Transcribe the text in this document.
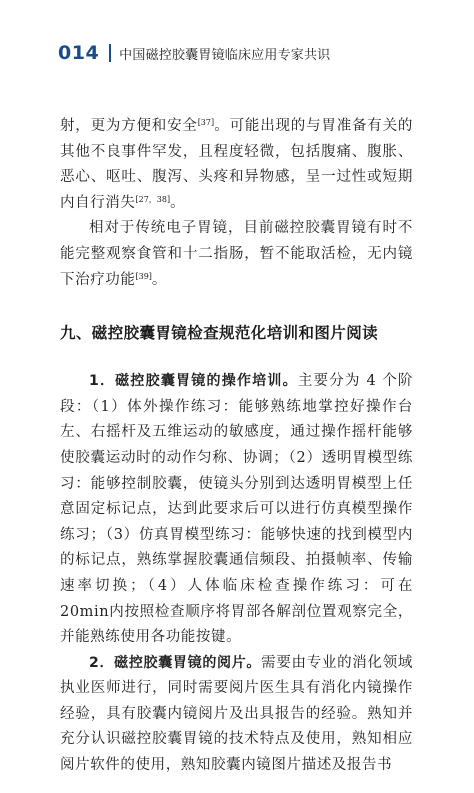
014 中国磁控胶囊胃镜临床应用专家共识

射，更为方便和安全[37]。可能出现的与胃准备有关的其他不良事件罕发，且程度轻微，包括腹痛、腹胀、恶心、呕吐、腹泻、头疼和异物感，呈一过性或短期内自行消失[27，38]。

相对于传统电子胃镜，目前磁控胶囊胃镜有时不能完整观察食管和十二指肠，暂不能取活检，无内镜下治疗功能[39]。

九、磁控胶囊胃镜检查规范化培训和图片阅读

1．磁控胶囊胃镜的操作培训。主要分为 4 个阶段：（1）体外操作练习：能够熟练地掌控好操作台左、右摇杆及五维运动的敏感度，通过操作摇杆能够使胶囊运动时的动作匀称、协调；（2）透明胃模型练习：能够控制胶囊，使镜头分别到达透明胃模型上任意固定标记点，达到此要求后可以进行仿真模型操作练习；（3）仿真胃模型练习：能够快速的找到模型内的标记点，熟练掌握胶囊通信频段、拍摄帧率、传输速率切换；（4）人体临床检查操作练习：可在20min内按照检查顺序将胃部各解剖位置观察完全，并能熟练使用各功能按键。

2．磁控胶囊胃镜的阅片。需要由专业的消化领域执业医师进行，同时需要阅片医生具有消化内镜操作经验，具有胶囊内镜阅片及出具报告的经验。熟知并充分认识磁控胶囊胃镜的技术特点及使用，熟知相应阅片软件的使用，熟知胶囊内镜图片描述及报告书
